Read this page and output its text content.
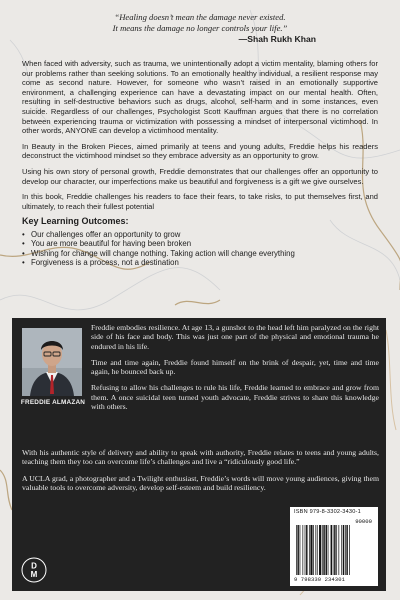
“Healing doesn’t mean the damage never existed.
It means the damage no longer controls your life.”
—Shah Rukh Khan

When faced with adversity, such as trauma, we unintentionally adopt a victim mentality, blaming others for our problems rather than seeking solutions. To an emotionally healthy individual, a resilient response may come as second nature. However, for someone who wasn’t raised in an emotionally supportive environment, a challenging experience can have a devastating impact on our mental health. Often, resulting in self-destructive behaviors such as drugs, alcohol, self-harm and in some instances, even suicide. Regardless of our challenges, Psychologist Scott Kauffman argues that there is no correlation between experiencing trauma or victimization with possessing a mindset of interpersonal victimhood. In other words, ANYONE can develop a victimhood mentality.

In Beauty in the Broken Pieces, aimed primarily at teens and young adults, Freddie helps his readers deconstruct the victimhood mindset so they embrace adversity as an opportunity to grow.

Using his own story of personal growth, Freddie demonstrates that our challenges offer an opportunity to develop our character, our imperfections make us beautiful and forgiveness is a gift we give ourselves.

In this book, Freddie challenges his readers to face their fears, to take risks, to put themselves first, and ultimately, to reach their fullest potential

Key Learning Outcomes:
• Our challenges offer an opportunity to grow
• You are more beautiful for having been broken
• Wishing for change will change nothing. Taking action will change everything
• Forgiveness is a process, not a destination
FREDDIE ALMAZAN

Freddie embodies resilience. At age 13, a gunshot to the head left him paralyzed on the right side of his face and body. This was just one part of the physical and emotional trauma he endured in his life.

Time and time again, Freddie found himself on the brink of despair, yet, time and time again, he bounced back up.

Refusing to allow his challenges to rule his life, Freddie learned to embrace and grow from them. A once suicidal teen turned youth advocate, Freddie strives to share this knowledge with others.

With his authentic style of delivery and ability to speak with authority, Freddie relates to teens and young adults, teaching them they too can overcome life’s challenges and live a “ridiculously good life.”

A UCLA grad, a photographer and a Twilight enthusiast, Freddie’s words will move young audiences, giving them valuable tools to overcome adversity, develop self-esteem and build resiliency.

ISBN 979-8-3302-3430-1
90000
9 798330 234301
D
M
